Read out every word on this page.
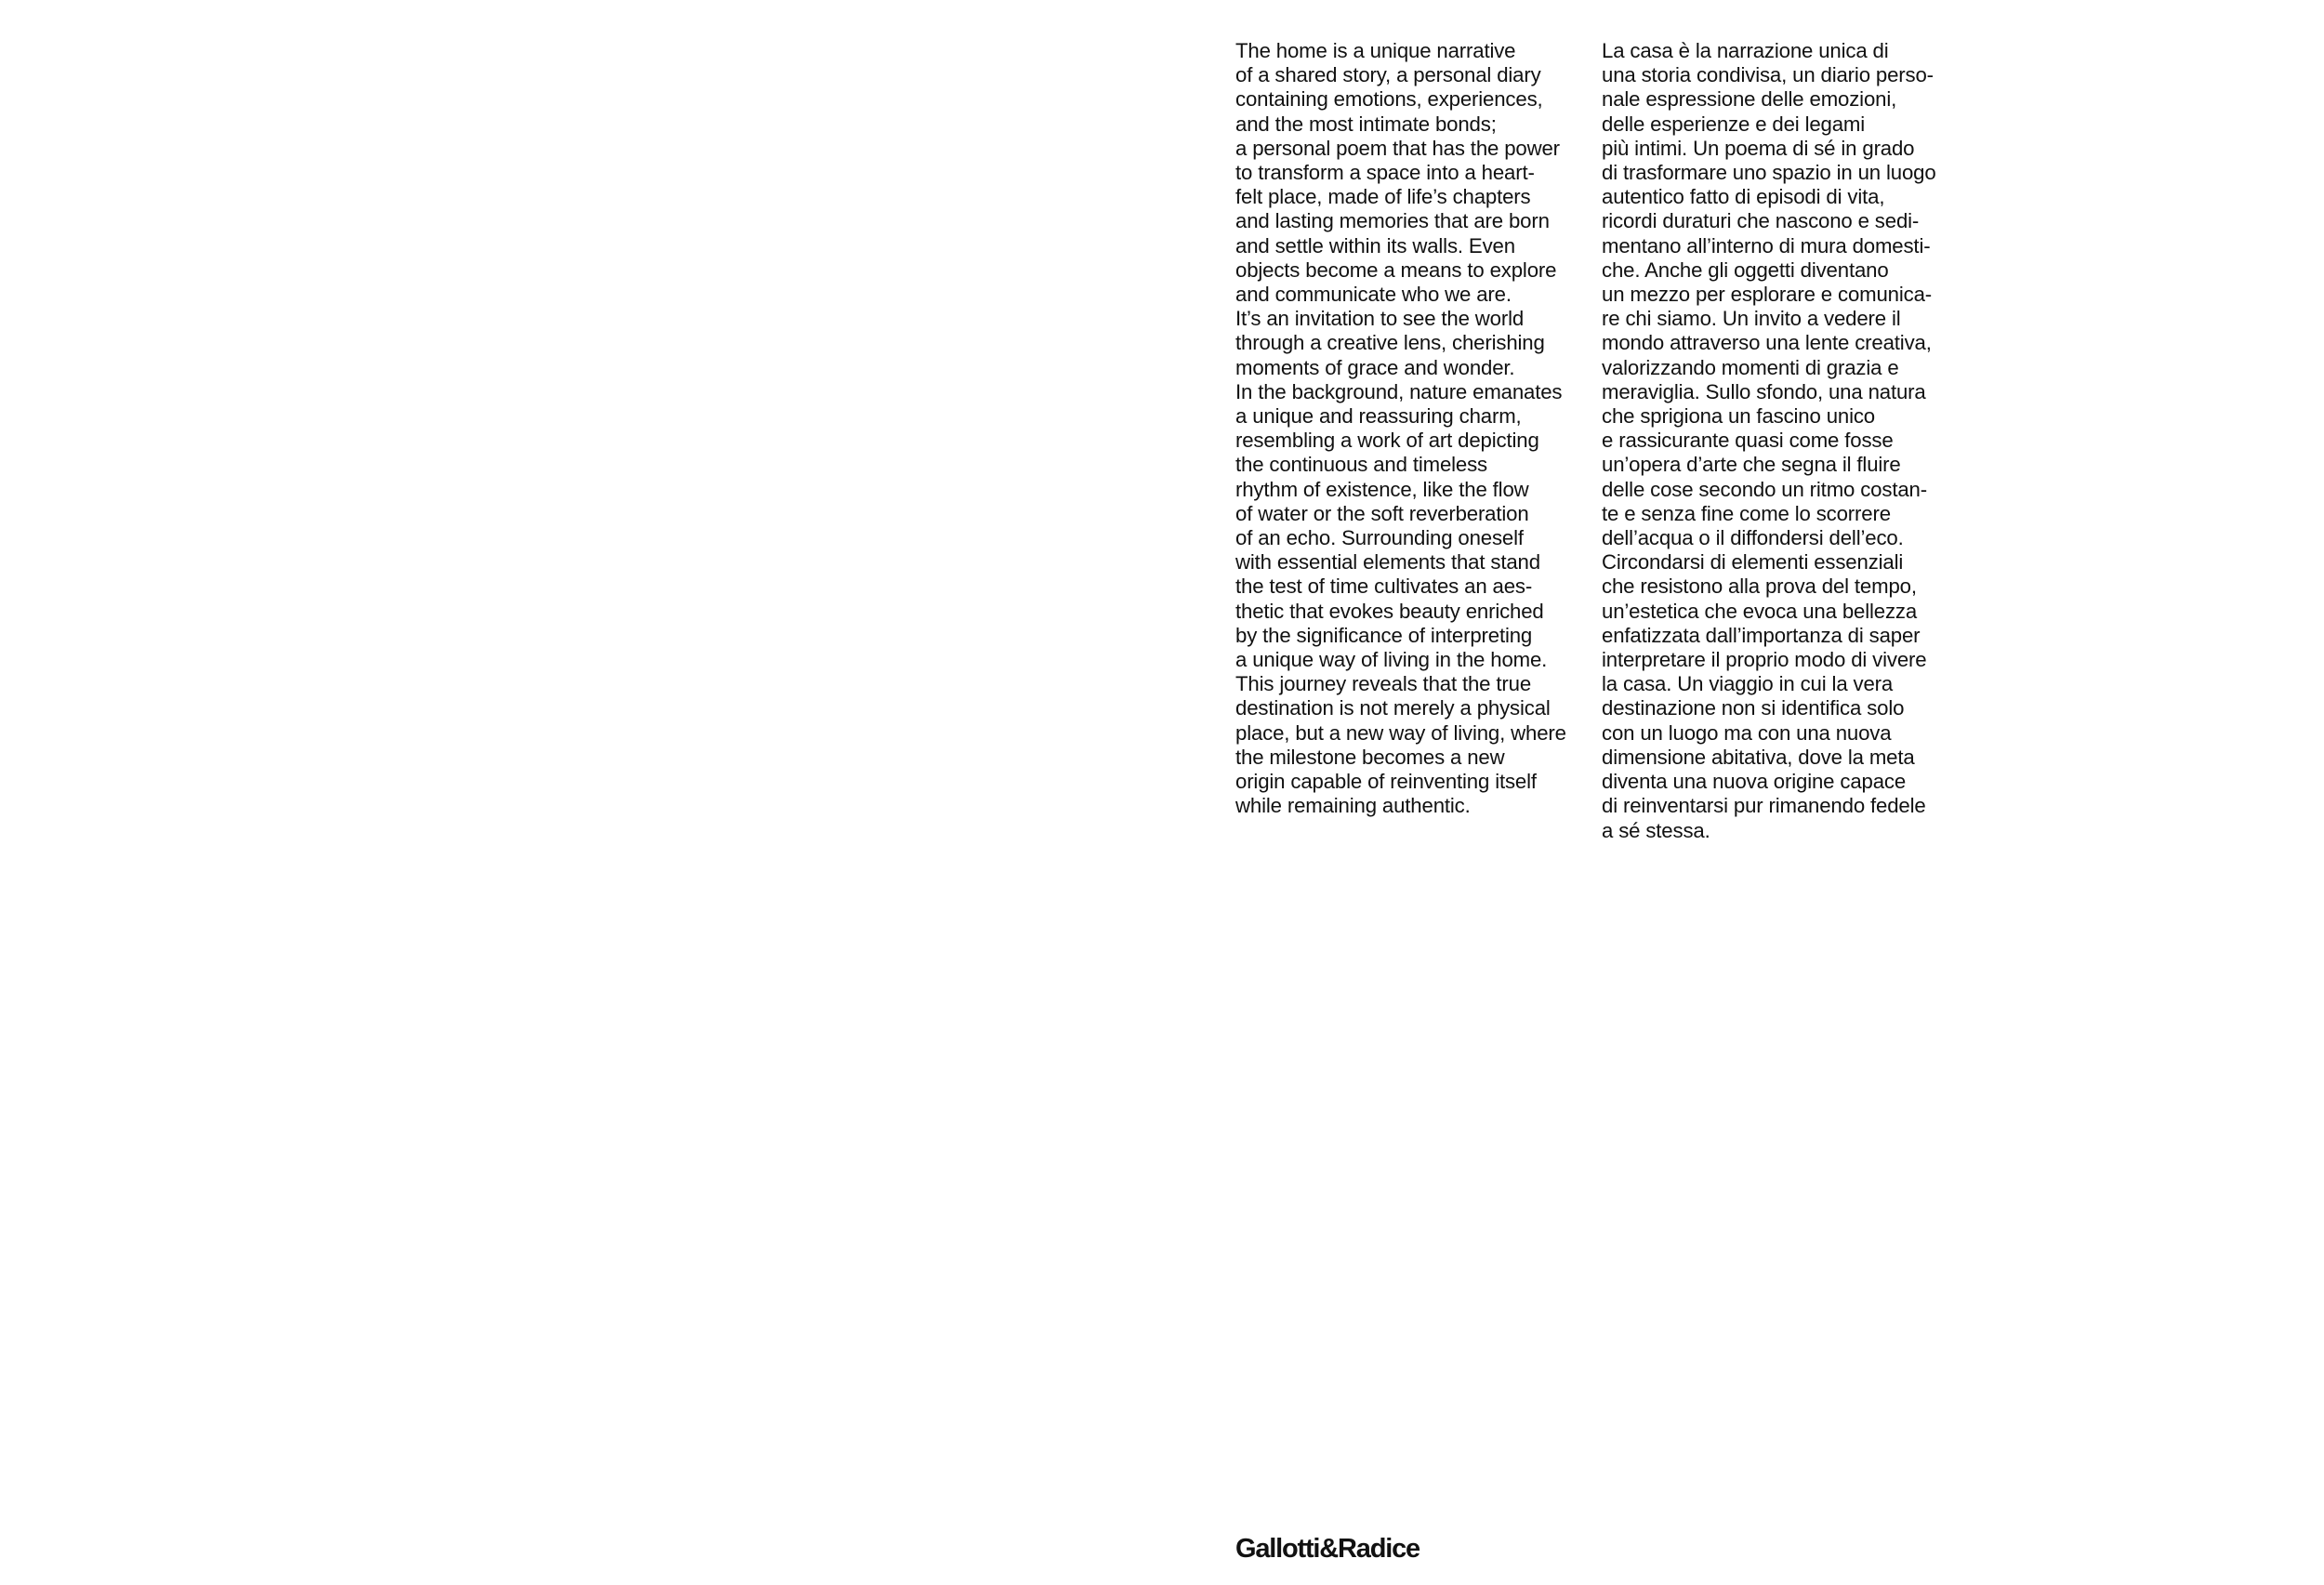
The home is a unique narrative
of a shared story, a personal diary
containing emotions, experiences,
and the most intimate bonds;
a personal poem that has the power
to transform a space into a heart-
felt place, made of life’s chapters
and lasting memories that are born
and settle within its walls. Even
objects become a means to explore
and communicate who we are.
It’s an invitation to see the world
through a creative lens, cherishing
moments of grace and wonder.
In the background, nature emanates
a unique and reassuring charm,
resembling a work of art depicting
the continuous and timeless
rhythm of existence, like the flow
of water or the soft reverberation
of an echo. Surrounding oneself
with essential elements that stand
the test of time cultivates an aes-
thetic that evokes beauty enriched
by the significance of interpreting
a unique way of living in the home.
This journey reveals that the true
destination is not merely a physical
place, but a new way of living, where
the milestone becomes a new
origin capable of reinventing itself
while remaining authentic.
La casa è la narrazione unica di
una storia condivisa, un diario perso-
nale espressione delle emozioni,
delle esperienze e dei legami
più intimi. Un poema di sé in grado
di trasformare uno spazio in un luogo
autentico fatto di episodi di vita,
ricordi duraturi che nascono e sedi-
mentano all’interno di mura domesti-
che. Anche gli oggetti diventano
un mezzo per esplorare e comunica-
re chi siamo. Un invito a vedere il
mondo attraverso una lente creativa,
valorizzando momenti di grazia e
meraviglia. Sullo sfondo, una natura
che sprigiona un fascino unico
e rassicurante quasi come fosse
un’opera d’arte che segna il fluire
delle cose secondo un ritmo costan-
te e senza fine come lo scorrere
dell’acqua o il diffondersi dell’eco.
Circondarsi di elementi essenziali
che resistono alla prova del tempo,
un’estetica che evoca una bellezza
enfatizzata dall’importanza di saper
interpretare il proprio modo di vivere
la casa. Un viaggio in cui la vera
destinazione non si identifica solo
con un luogo ma con una nuova
dimensione abitativa, dove la meta
diventa una nuova origine capace
di reinventarsi pur rimanendo fedele
a sé stessa.
Gallotti&Radice
